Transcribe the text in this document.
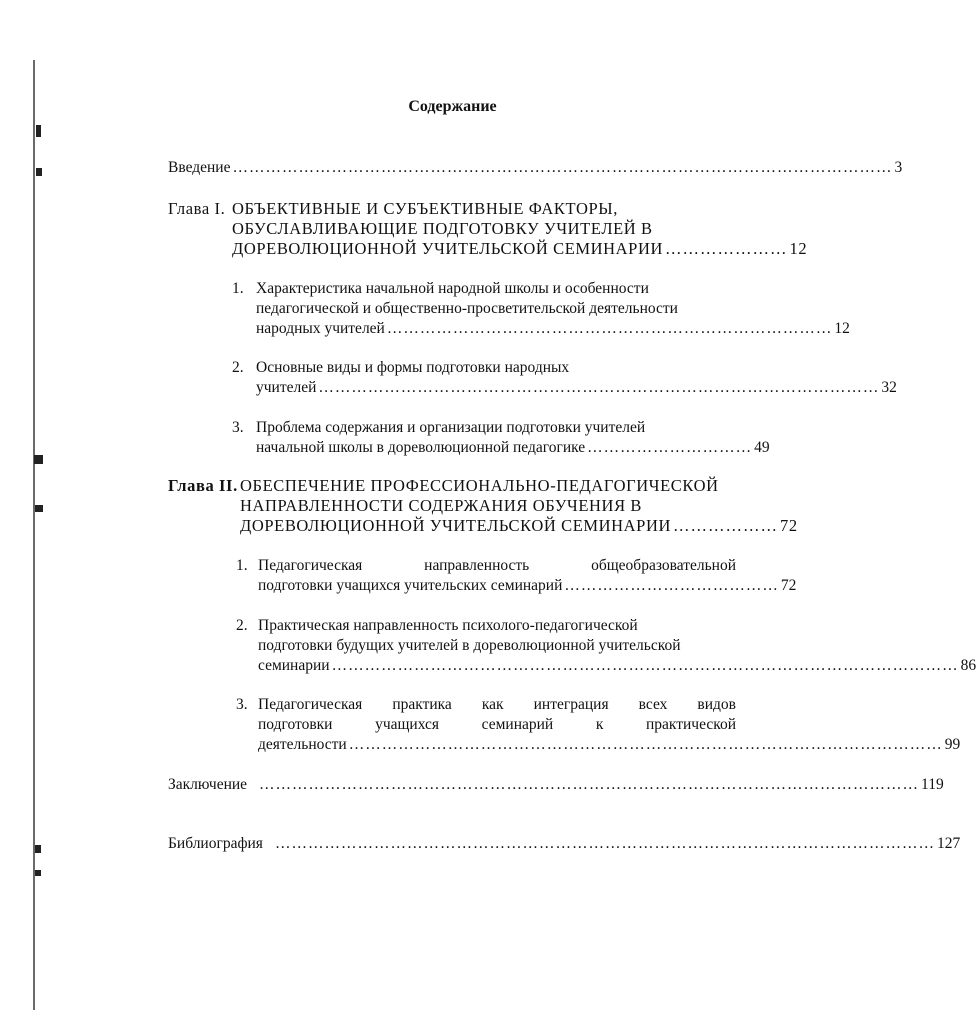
Содержание
Введение ………………………………………………………………………………………………………… 3
Глава I. ОБЪЕКТИВНЫЕ И СУБЪЕКТИВНЫЕ ФАКТОРЫ,
ОБУСЛАВЛИВАЮЩИЕ ПОДГОТОВКУ УЧИТЕЛЕЙ В
ДОРЕВОЛЮЦИОННОЙ УЧИТЕЛЬСКОЙ СЕМИНАРИИ ………………… 12
1. Характеристика начальной народной школы и особенности
педагогической и общественно-просветительской деятельности
народных учителей ……………………………………………………………………… 12
2. Основные виды и формы подготовки народных
учителей ………………………………………………………………………………………… 32
3. Проблема содержания и организации подготовки учителей
начальной школы в дореволюционной педагогике ………………………… 49
Глава II. ОБЕСПЕЧЕНИЕ ПРОФЕССИОНАЛЬНО-ПЕДАГОГИЧЕСКОЙ
НАПРАВЛЕННОСТИ СОДЕРЖАНИЯ ОБУЧЕНИЯ В
ДОРЕВОЛЮЦИОННОЙ УЧИТЕЛЬСКОЙ СЕМИНАРИИ ……………… 72
1. Педагогическая направленность общеобразовательной
подготовки учащихся учительских семинарий ………………………………… 72
2. Практическая направленность психолого-педагогической
подготовки будущих учителей в дореволюционной учительской
семинарии …………………………………………………………………………………………………… 86
3. Педагогическая практика как интеграция всех видов
подготовки учащихся семинарий к практической
деятельности ……………………………………………………………………………………………… 99
Заключение ………………………………………………………………………………………………………… 119
Библиография ………………………………………………………………………………………………………… 127
